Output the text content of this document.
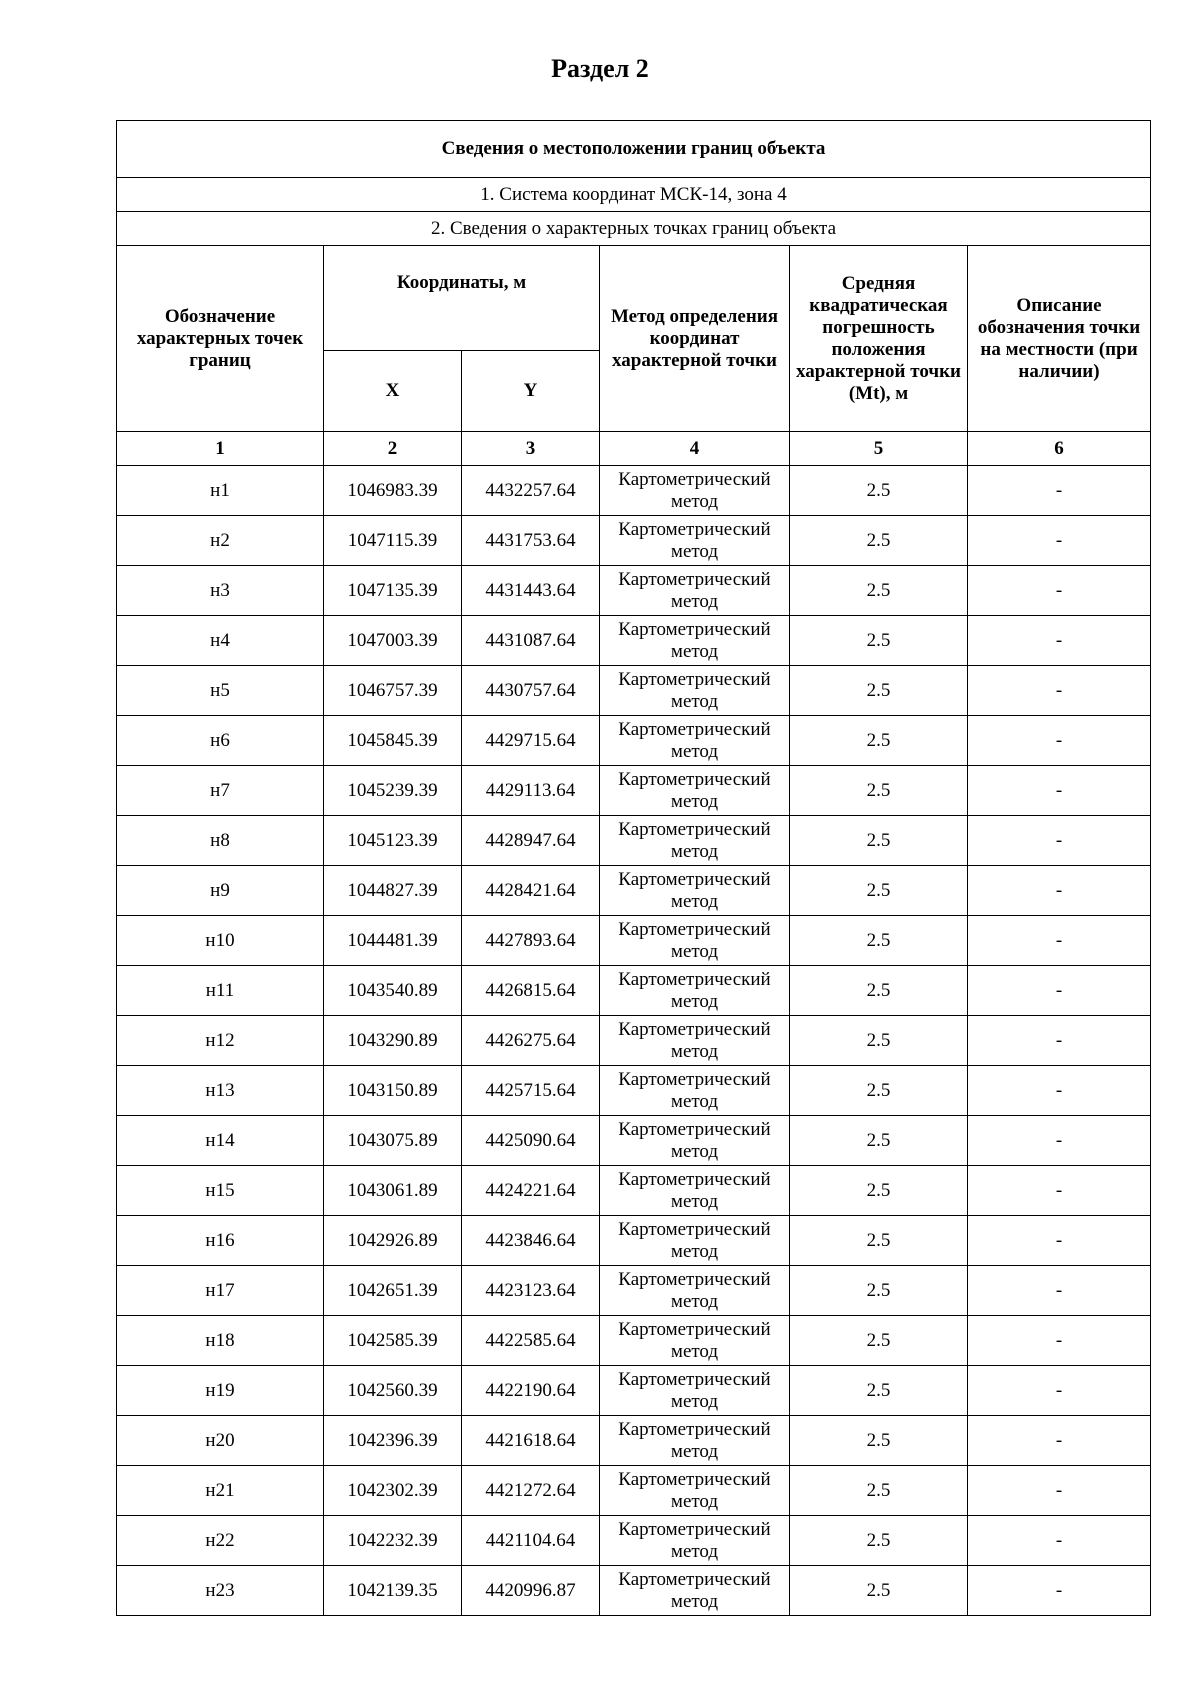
Раздел 2
Сведения о местоположении границ объекта					
1. Система координат МСК-14, зона 4					
2. Сведения о характерных точках границ объекта					
Обозначение характерных точек границ	Координаты, м		Метод определения координат характерной точки	Средняя квадратическая погрешность положения характерной точки (Mt), м	Описание обозначения точки на местности (при наличии)
	X	Y			
1	2	3	4	5	6
н1	1046983.39	4432257.64	Картометрический метод	2.5	-
н2	1047115.39	4431753.64	Картометрический метод	2.5	-
н3	1047135.39	4431443.64	Картометрический метод	2.5	-
н4	1047003.39	4431087.64	Картометрический метод	2.5	-
н5	1046757.39	4430757.64	Картометрический метод	2.5	-
н6	1045845.39	4429715.64	Картометрический метод	2.5	-
н7	1045239.39	4429113.64	Картометрический метод	2.5	-
н8	1045123.39	4428947.64	Картометрический метод	2.5	-
н9	1044827.39	4428421.64	Картометрический метод	2.5	-
н10	1044481.39	4427893.64	Картометрический метод	2.5	-
н11	1043540.89	4426815.64	Картометрический метод	2.5	-
н12	1043290.89	4426275.64	Картометрический метод	2.5	-
н13	1043150.89	4425715.64	Картометрический метод	2.5	-
н14	1043075.89	4425090.64	Картометрический метод	2.5	-
н15	1043061.89	4424221.64	Картометрический метод	2.5	-
н16	1042926.89	4423846.64	Картометрический метод	2.5	-
н17	1042651.39	4423123.64	Картометрический метод	2.5	-
н18	1042585.39	4422585.64	Картометрический метод	2.5	-
н19	1042560.39	4422190.64	Картометрический метод	2.5	-
н20	1042396.39	4421618.64	Картометрический метод	2.5	-
н21	1042302.39	4421272.64	Картометрический метод	2.5	-
н22	1042232.39	4421104.64	Картометрический метод	2.5	-
н23	1042139.35	4420996.87	Картометрический метод	2.5	-
